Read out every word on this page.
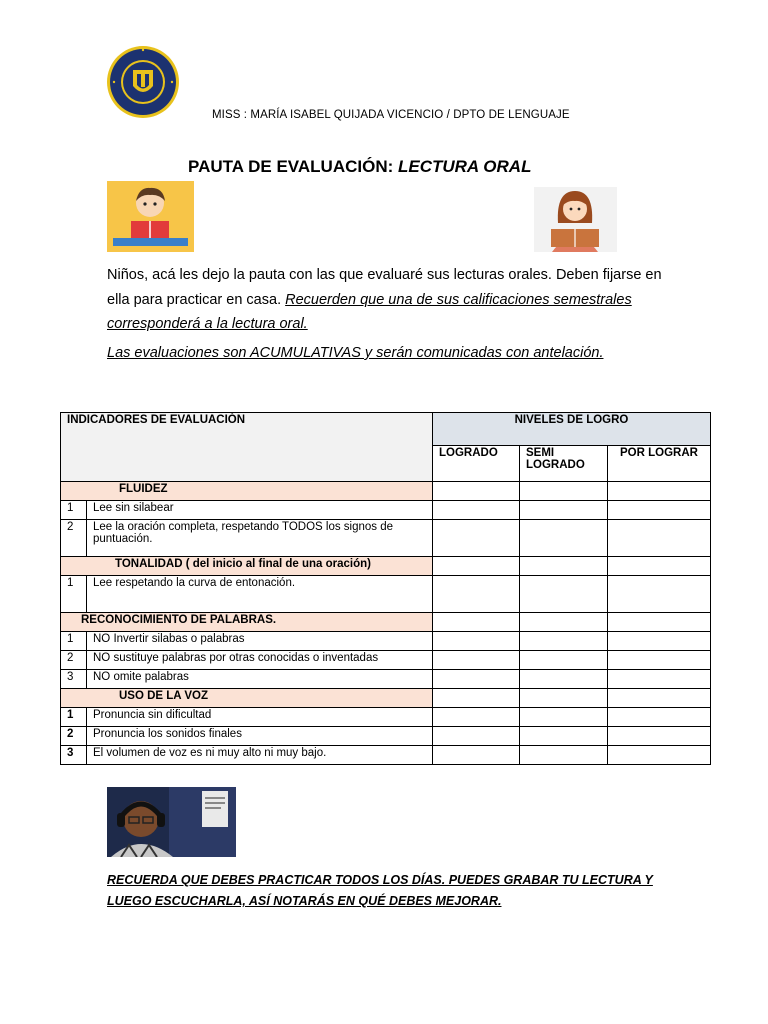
MISS : MARÍA ISABEL QUIJADA VICENCIO / DPTO DE LENGUAJE
PAUTA DE EVALUACIÓN: LECTURA ORAL
Niños, acá les dejo la pauta con las que evaluaré sus lecturas orales. Deben fijarse en ella para practicar en casa. Recuerden que una de sus calificaciones semestrales corresponderá a la lectura oral.
Las evaluaciones son ACUMULATIVAS y serán comunicadas con antelación.
INDICADORES DE EVALUACIÓN		NIVELES DE LOGRO		
		LOGRADO	SEMI LOGRADO	POR LOGRAR
FLUIDEZ				
1	Lee sin silabear			
2	Lee la oración completa, respetando TODOS los signos de puntuación.			
TONALIDAD ( del inicio al final de una oración)				
1	Lee respetando la curva de entonación.			
RECONOCIMIENTO DE PALABRAS.				
1	NO Invertir silabas o palabras			
2	NO sustituye palabras por otras conocidas o inventadas			
3	NO omite palabras			
USO DE LA VOZ				
1	Pronuncia sin dificultad			
2	Pronuncia los sonidos finales			
3	El volumen de voz es ni muy alto ni muy bajo.			
RECUERDA QUE DEBES PRACTICAR TODOS LOS DÍAS. PUEDES GRABAR TU LECTURA Y LUEGO ESCUCHARLA, ASÍ NOTARÁS EN QUÉ DEBES MEJORAR.
